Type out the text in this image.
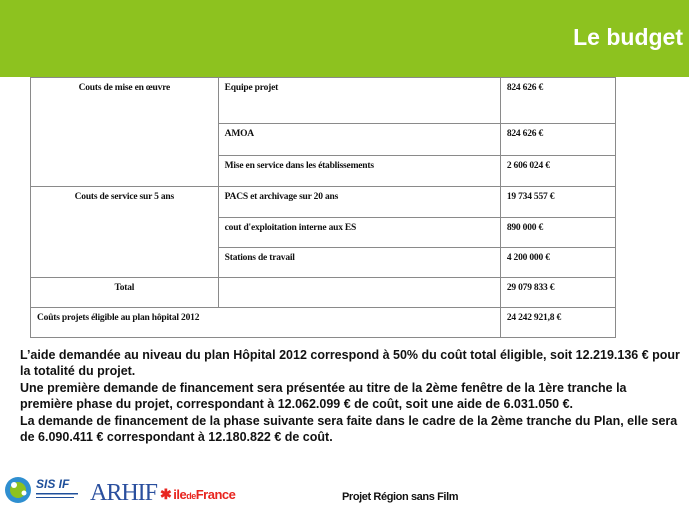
Le budget
Couts de mise en œuvre	Equipe projet	824 626 €
	AMOA	824 626 €
	Mise en service dans les établissements	2 606 024 €
Couts de service sur 5 ans	PACS et archivage sur 20 ans	19 734 557 €
	cout d'exploitation interne aux ES	890 000 €
	Stations de travail	4 200 000 €
Total		29 079 833 €
Coûts projets éligible au plan hôpital 2012		24 242 921,8 €

L’aide demandée au niveau du plan Hôpital 2012 correspond à 50% du coût total éligible, soit 12.219.136 € pour la totalité du projet.

Une première demande de financement sera présentée au titre de la 2ème fenêtre de la 1ère tranche la première phase du projet, correspondant à 12.062.099 € de coût, soit une aide de 6.031.050 €.

La demande de financement de la phase suivante sera faite dans le cadre de la 2ème tranche du Plan, elle sera de 6.090.411 € correspondant à 12.180.822 € de coût.

SIS IF ARHIF ✱ iledeFrance	Projet Région sans Film
